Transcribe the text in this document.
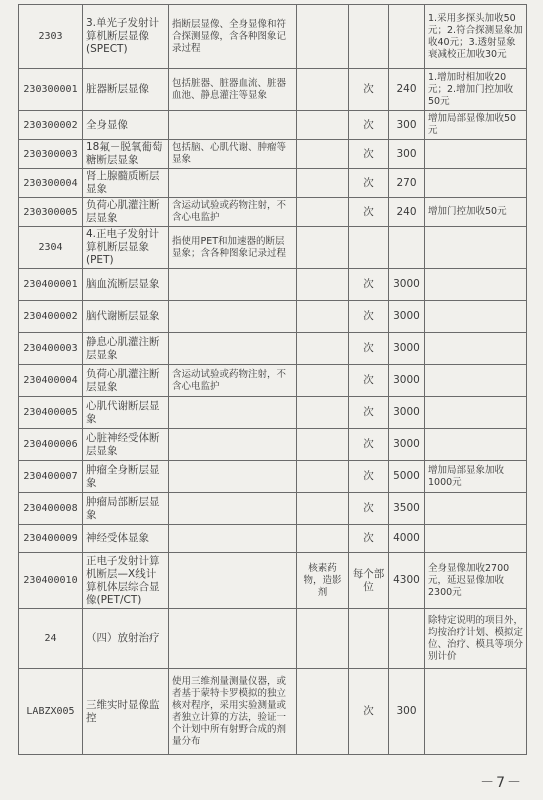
2303	3.单光子发射计算机断层显像(SPECT)	指断层显像、全身显像和符合探测显像，含各种图象记录过程				1.采用多探头加收50元；2.符合探测显象加收40元；3.透射显象衰减校正加收30元
230300001	脏器断层显像	包括脏器、脏器血流、脏器血池、静息灌注等显象		次	240	1.增加时相加收20元；2.增加门控加收50元
230300002	全身显像			次	300	增加局部显像加收50元
230300003	18氟－脱氧葡萄糖断层显象	包括脑、心肌代谢、肿瘤等显象		次	300	
230300004	肾上腺髓质断层显象			次	270	
230300005	负荷心肌灌注断层显象	含运动试验或药物注射，不含心电监护		次	240	增加门控加收50元
2304	4.正电子发射计算机断层显象(PET)	指使用PET和加速器的断层显象；含各种图象记录过程				
230400001	脑血流断层显象			次	3000	
230400002	脑代谢断层显象			次	3000	
230400003	静息心肌灌注断层显象			次	3000	
230400004	负荷心肌灌注断层显象	含运动试验或药物注射，不含心电监护		次	3000	
230400005	心肌代谢断层显象			次	3000	
230400006	心脏神经受体断层显象			次	3000	
230400007	肿瘤全身断层显象			次	5000	增加局部显象加收1000元
230400008	肿瘤局部断层显象			次	3500	
230400009	神经受体显象			次	4000	
230400010	正电子发射计算机断层—X线计算机体层综合显像(PET/CT)		核素药物，造影剂	每个部位	4300	全身显像加收2700元，延迟显像加收2300元
24	（四）放射治疗					除特定说明的项目外，均按治疗计划、模拟定位、治疗、模具等项分别计价
LABZX005	三维实时显像监控	使用三维剂量测量仪器，或者基于蒙特卡罗模拟的独立核对程序，采用实验测量或者独立计算的方法，验证一个计划中所有射野合成的剂量分布		次	300	
－7－
